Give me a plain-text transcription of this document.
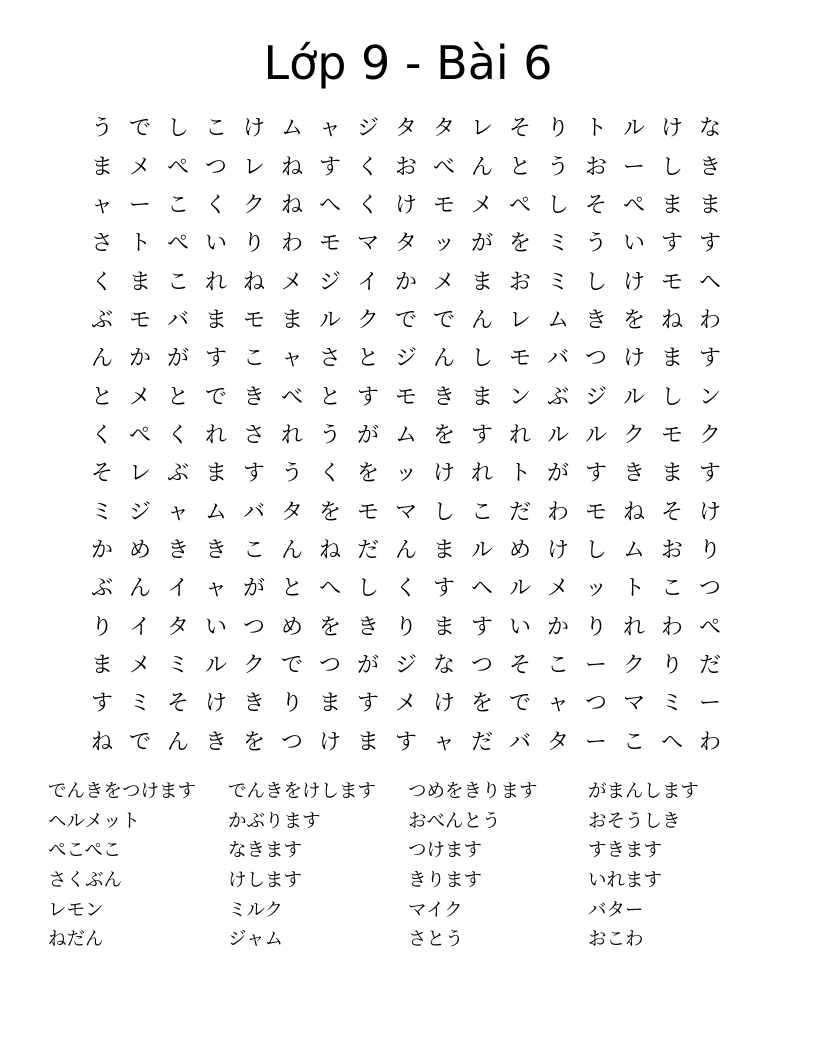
Lớp 9 - Bài 6
う で し こ け ム ャ ジ タ タ レ そ り ト ル け な
ま メ ぺ つ レ ね す く お べ ん と う お ー し き
ャ ー こ く ク ね へ く け モ メ ぺ し そ ぺ ま ま
さ ト ぺ い り わ モ マ タ ッ が を ミ う い す す
く ま こ れ ね メ ジ イ か メ ま お ミ し け モ ヘ
ぶ モ バ ま モ ま ル ク で で ん レ ム き を ね わ
ん か が す こ ャ さ と ジ ん し モ バ つ け ま す
と メ と で き べ と す モ き ま ン ぶ ジ ル し ン
く ぺ く れ さ れ う が ム を す れ ル ル ク モ ク
そ レ ぶ ま す う く を ッ け れ ト が す き ま す
ミ ジ ャ ム バ タ を モ マ し こ だ わ モ ね そ け
か め き き こ ん ね だ ん ま ル め け し ム お り
ぶ ん イ ャ が と へ し く す ヘ ル メ ッ ト こ つ
り イ タ い つ め を き り ま す い か り れ わ ぺ
ま メ ミ ル ク で つ が ジ な つ そ こ ー ク り だ
す ミ そ け き り ま す メ け を で ャ つ マ ミ ー
ね で ん き を つ け ま す ャ だ バ タ ー こ へ わ
でんきをつけます	でんきをけします	つめをきります	がまんします
ヘルメット	かぶります	おべんとう	おそうしき
ぺこぺこ	なきます	つけます	すきます
さくぶん	けします	きります	いれます
レモン	ミルク	マイク	バター
ねだん	ジャム	さとう	おこわ
